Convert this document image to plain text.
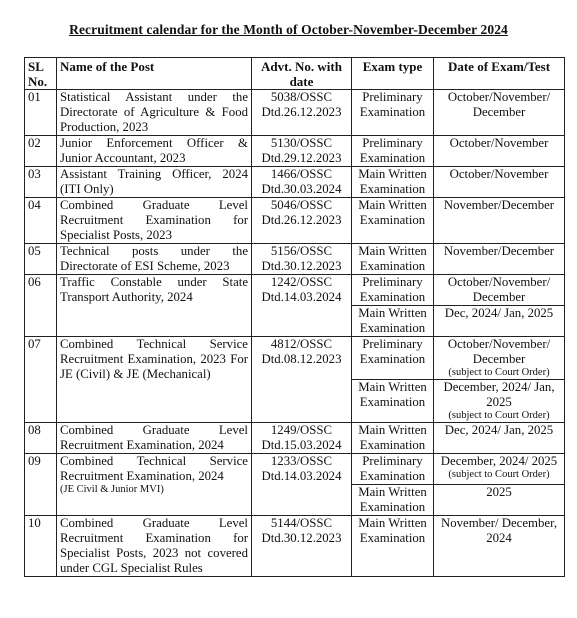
Recruitment calendar for the Month of October-November-December 2024
SL No.	Name of the Post	Advt. No. with date	Exam type	Date of Exam/Test
01	Statistical Assistant under the Directorate of Agriculture & Food Production, 2023	5038/OSSC Dtd.26.12.2023	Preliminary Examination	October/November/ December

02	Junior Enforcement Officer & Junior Accountant, 2023	5130/OSSC Dtd.29.12.2023	Preliminary Examination	October/November

03	Assistant Training Officer, 2024 (ITI Only)	1466/OSSC Dtd.30.03.2024	Main Written Examination	October/November

04	Combined Graduate Level Recruitment Examination for Specialist Posts, 2023	5046/OSSC Dtd.26.12.2023	Main Written Examination	November/December

05	Technical posts under the Directorate of ESI Scheme, 2023	5156/OSSC Dtd.30.12.2023	Main Written Examination	November/December

06	Traffic Constable under State Transport Authority, 2024	1242/OSSC Dtd.14.03.2024	Preliminary Examination	October/November/ December

			Main Written Examination	Dec, 2024/ Jan, 2025

07	Combined Technical Service Recruitment Examination, 2023 For JE (Civil) & JE (Mechanical)	4812/OSSC Dtd.08.12.2023	Preliminary Examination	October/November/ December
(subject to Court Order)

			Main Written Examination	December, 2024/ Jan, 2025
(subject to Court Order)

08	Combined Graduate Level Recruitment Examination, 2024	1249/OSSC Dtd.15.03.2024	Main Written Examination	Dec, 2024/ Jan, 2025

09	Combined Technical Service Recruitment Examination, 2024
(JE Civil & Junior MVI)	1233/OSSC Dtd.14.03.2024	Preliminary Examination	December, 2024/ 2025
(subject to Court Order)

			Main Written Examination	2025

10	Combined Graduate Level Recruitment Examination for Specialist Posts, 2023 not covered under CGL Specialist Rules	5144/OSSC Dtd.30.12.2023	Main Written Examination	November/ December, 2024
